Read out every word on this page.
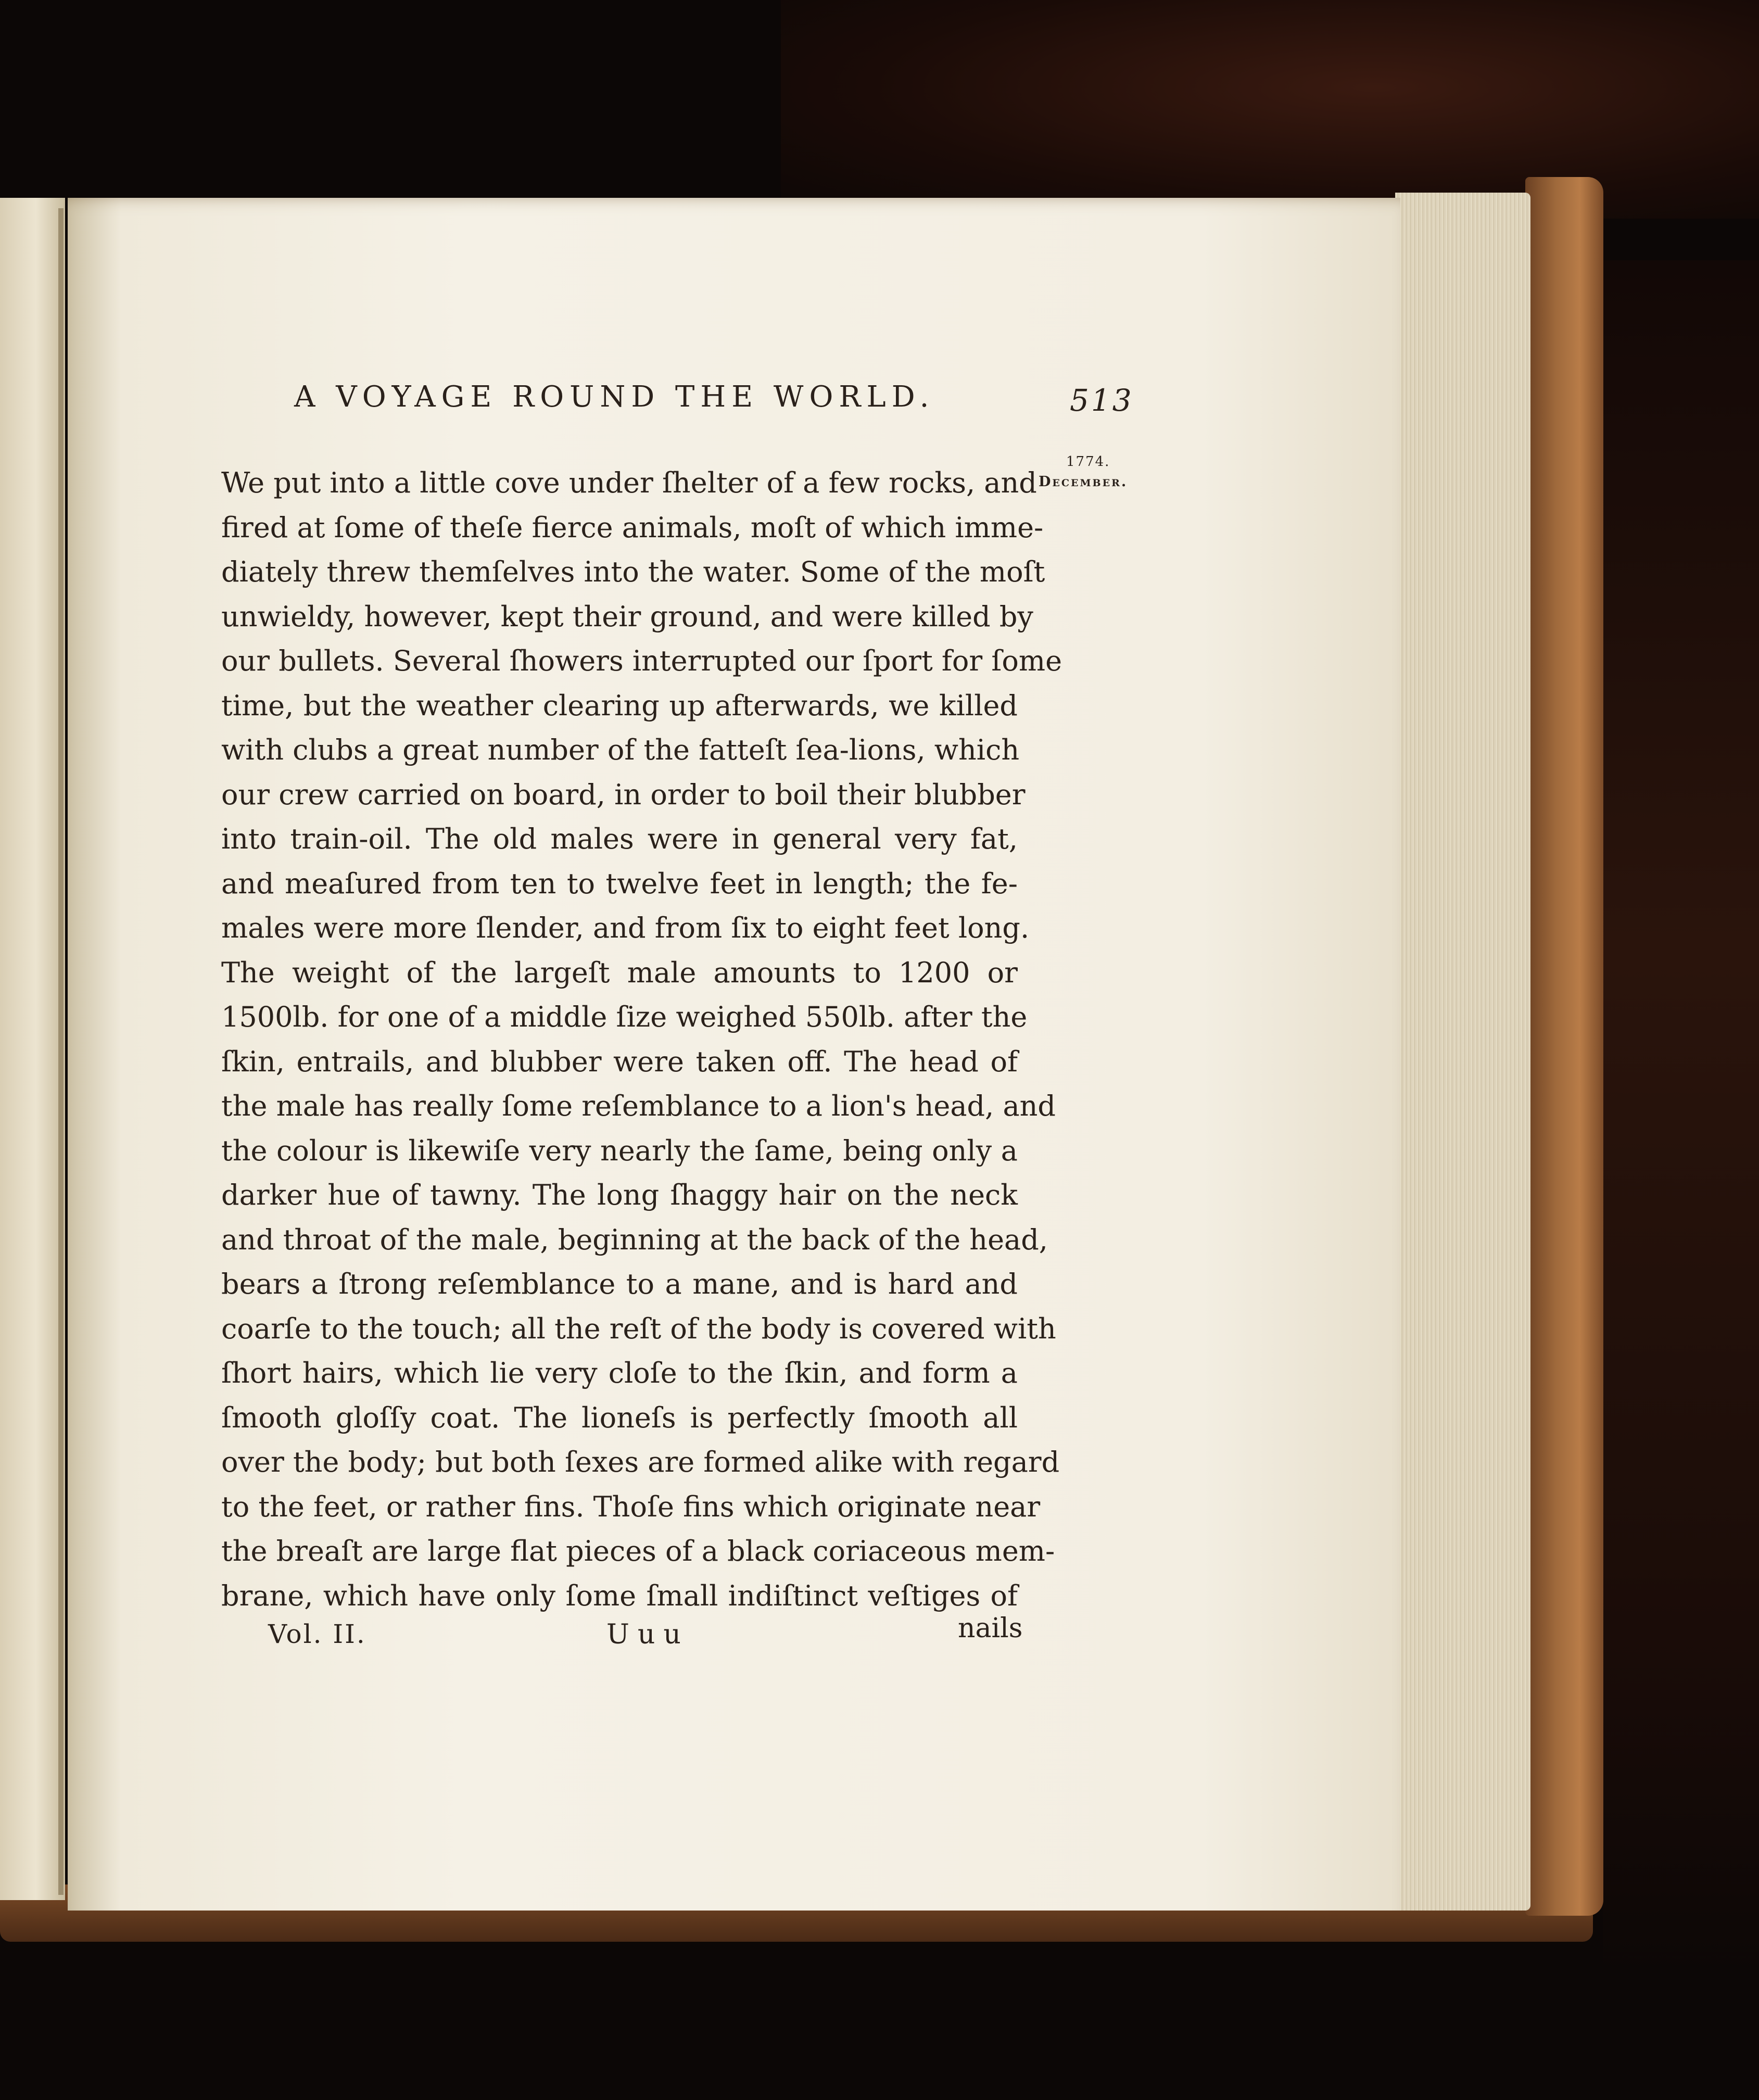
A VOYAGE ROUND THE WORLD.	513
1774.
December.
We put into a little cove under ſhelter of a few rocks, and
fired at ſome of theſe fierce animals, moſt of which imme-
diately threw themſelves into the water. Some of the moſt
unwieldy, however, kept their ground, and were killed by
our bullets. Several ſhowers interrupted our ſport for ſome
time, but the weather clearing up afterwards, we killed
with clubs a great number of the fatteſt ſea-lions, which
our crew carried on board, in order to boil their blubber
into train-oil. The old males were in general very fat,
and meaſured from ten to twelve feet in length; the fe-
males were more ſlender, and from ſix to eight feet long.
The weight of the largeſt male amounts to 1200 or
1500lb. for one of a middle ſize weighed 550lb. after the
ſkin, entrails, and blubber were taken off. The head of
the male has really ſome reſemblance to a lion's head, and
the colour is likewiſe very nearly the ſame, being only a
darker hue of tawny. The long ſhaggy hair on the neck
and throat of the male, beginning at the back of the head,
bears a ſtrong reſemblance to a mane, and is hard and
coarſe to the touch; all the reſt of the body is covered with
ſhort hairs, which lie very cloſe to the ſkin, and form a
ſmooth gloſſy coat. The lioneſs is perfectly ſmooth all
over the body; but both ſexes are formed alike with regard
to the feet, or rather fins. Thoſe fins which originate near
the breaſt are large flat pieces of a black coriaceous mem-
brane, which have only ſome ſmall indiſtinct veſtiges of
Vol. II.	Uuu	nails
